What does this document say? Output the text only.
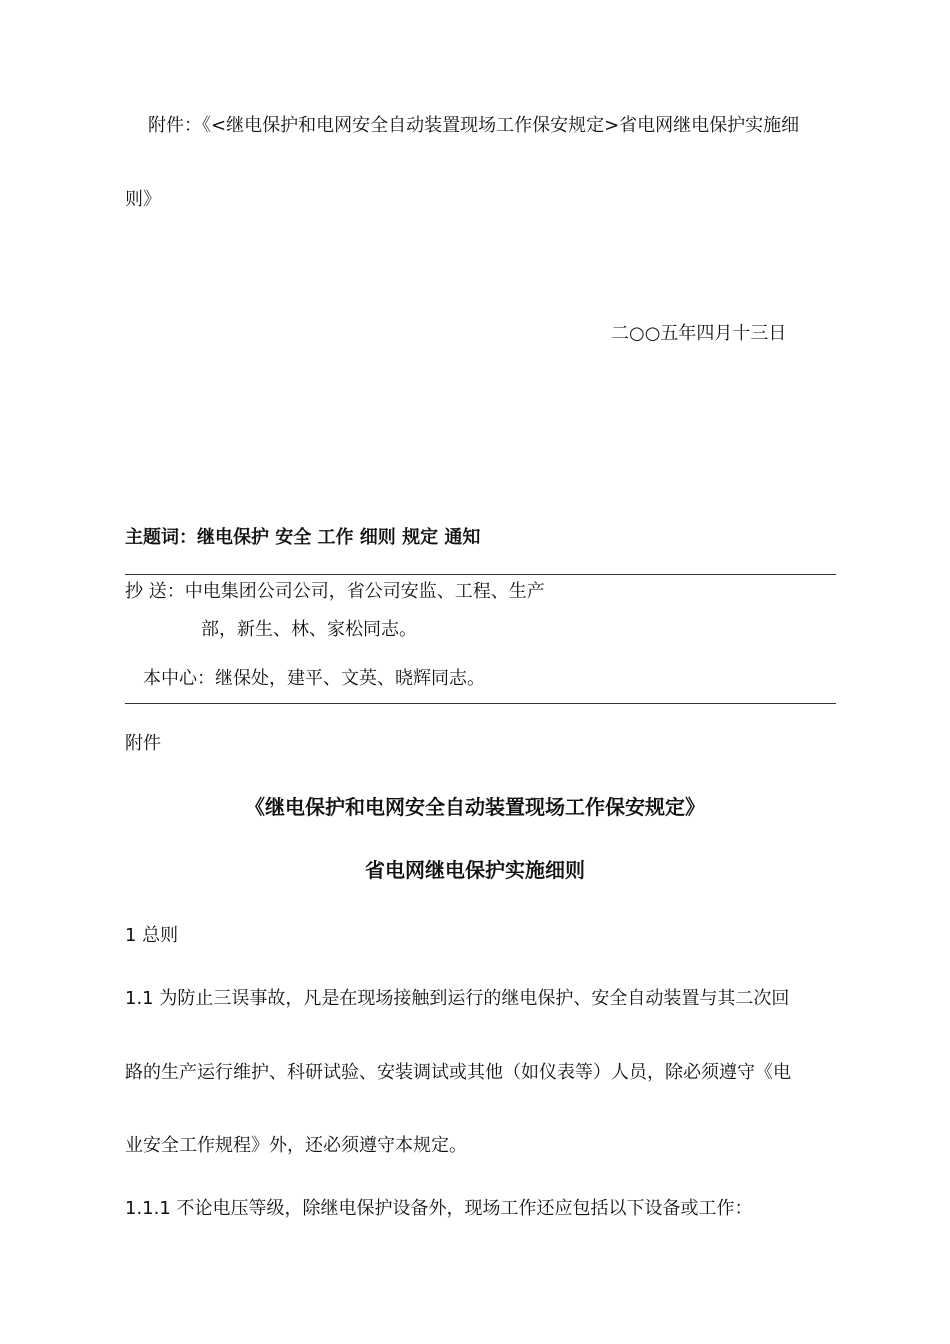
附件：《<继电保护和电网安全自动装置现场工作保安规定>省电网继电保护实施细
则》
二○○五年四月十三日
主题词：继电保护 安全 工作 细则 规定 通知
抄 送：中电集团公司公司，省公司安监、工程、生产
部，新生、林、家松同志。
本中心：继保处，建平、文英、晓辉同志。
附件
《继电保护和电网安全自动装置现场工作保安规定》
省电网继电保护实施细则
1 总则
1.1 为防止三误事故，凡是在现场接触到运行的继电保护、安全自动装置与其二次回
路的生产运行维护、科研试验、安装调试或其他（如仪表等）人员，除必须遵守《电
业安全工作规程》外，还必须遵守本规定。
1.1.1 不论电压等级，除继电保护设备外，现场工作还应包括以下设备或工作：
